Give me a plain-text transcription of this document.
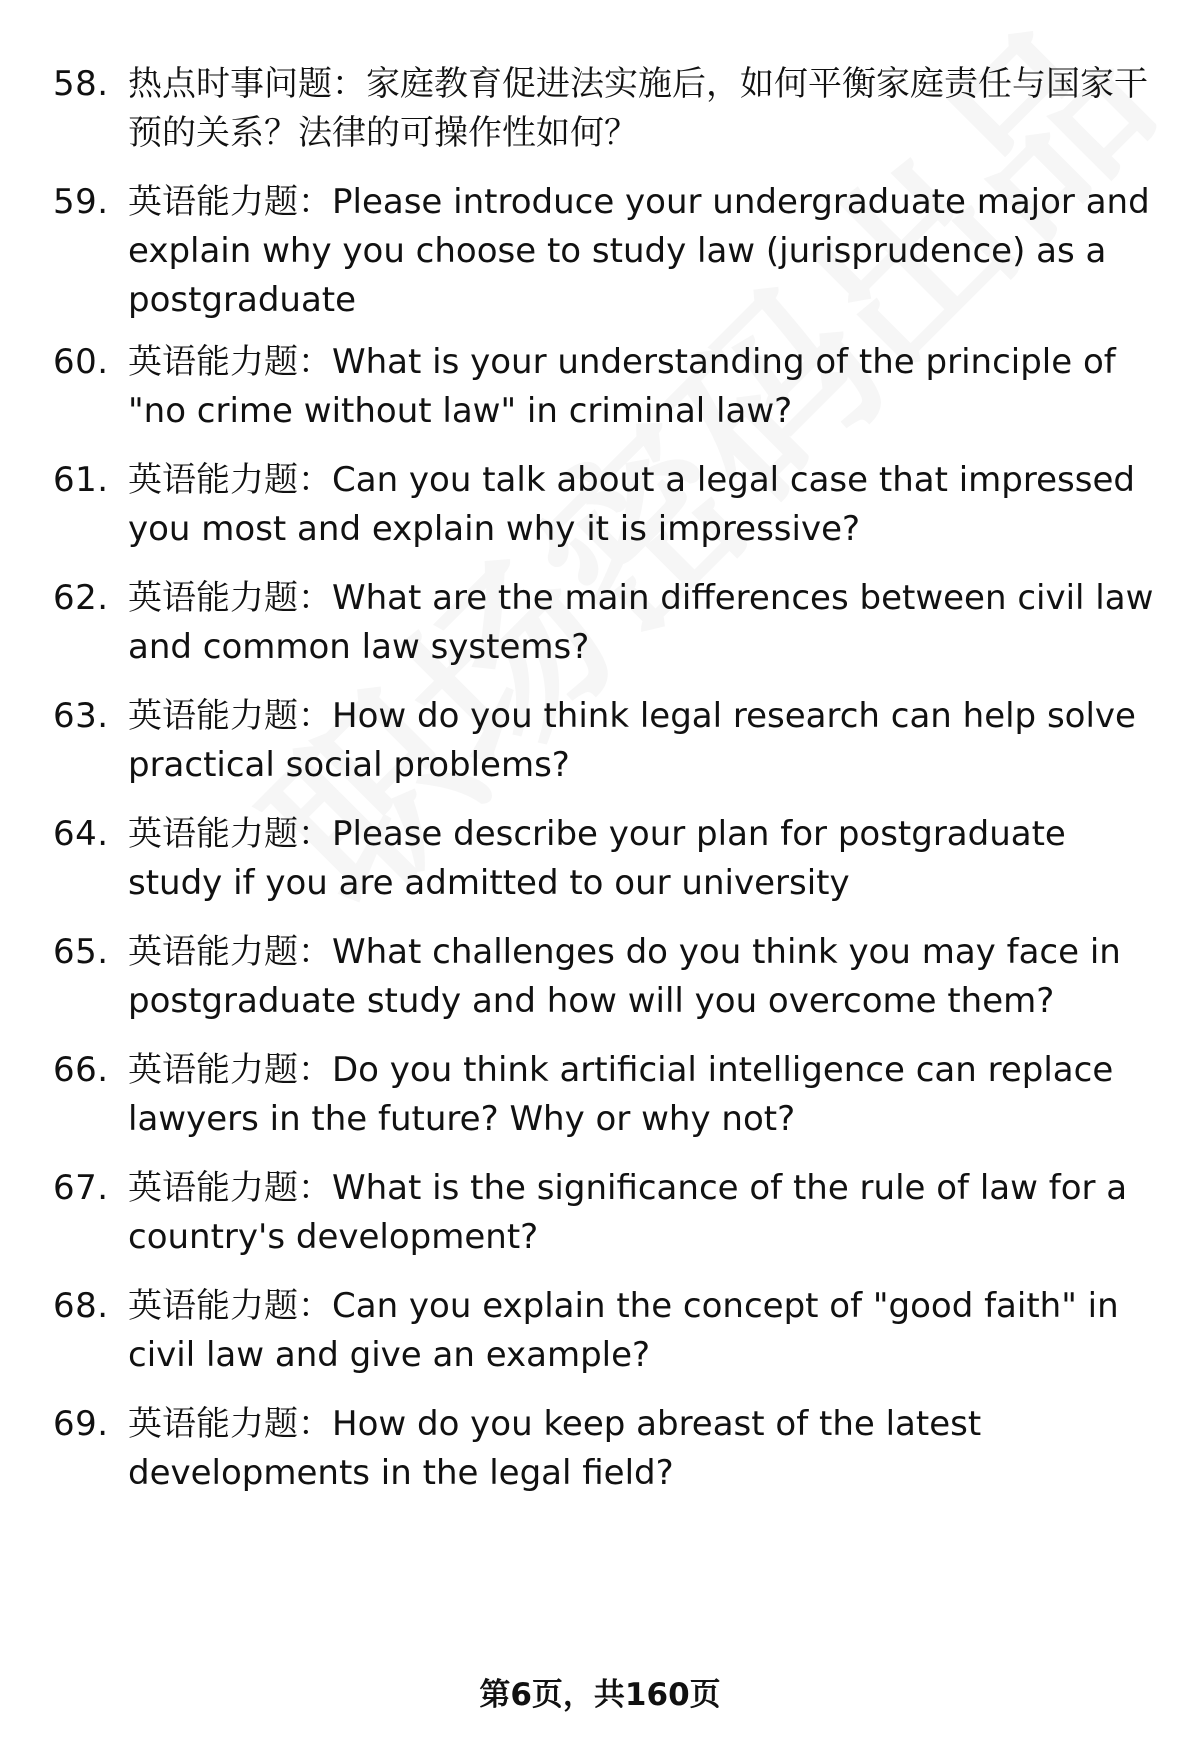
58. 热点时事问题：家庭教育促进法实施后，如何平衡家庭责任与国家干预的关系？法律的可操作性如何？
59. 英语能力题：Please introduce your undergraduate major and explain why you choose to study law (jurisprudence) as a postgraduate
60. 英语能力题：What is your understanding of the principle of "no crime without law" in criminal law?
61. 英语能力题：Can you talk about a legal case that impressed you most and explain why it is impressive?
62. 英语能力题：What are the main differences between civil law and common law systems?
63. 英语能力题：How do you think legal research can help solve practical social problems?
64. 英语能力题：Please describe your plan for postgraduate study if you are admitted to our university
65. 英语能力题：What challenges do you think you may face in postgraduate study and how will you overcome them?
66. 英语能力题：Do you think artificial intelligence can replace lawyers in the future? Why or why not?
67. 英语能力题：What is the significance of the rule of law for a country's development?
68. 英语能力题：Can you explain the concept of "good faith" in civil law and give an example?
69. 英语能力题：How do you keep abreast of the latest developments in the legal field?
第6页，共160页
